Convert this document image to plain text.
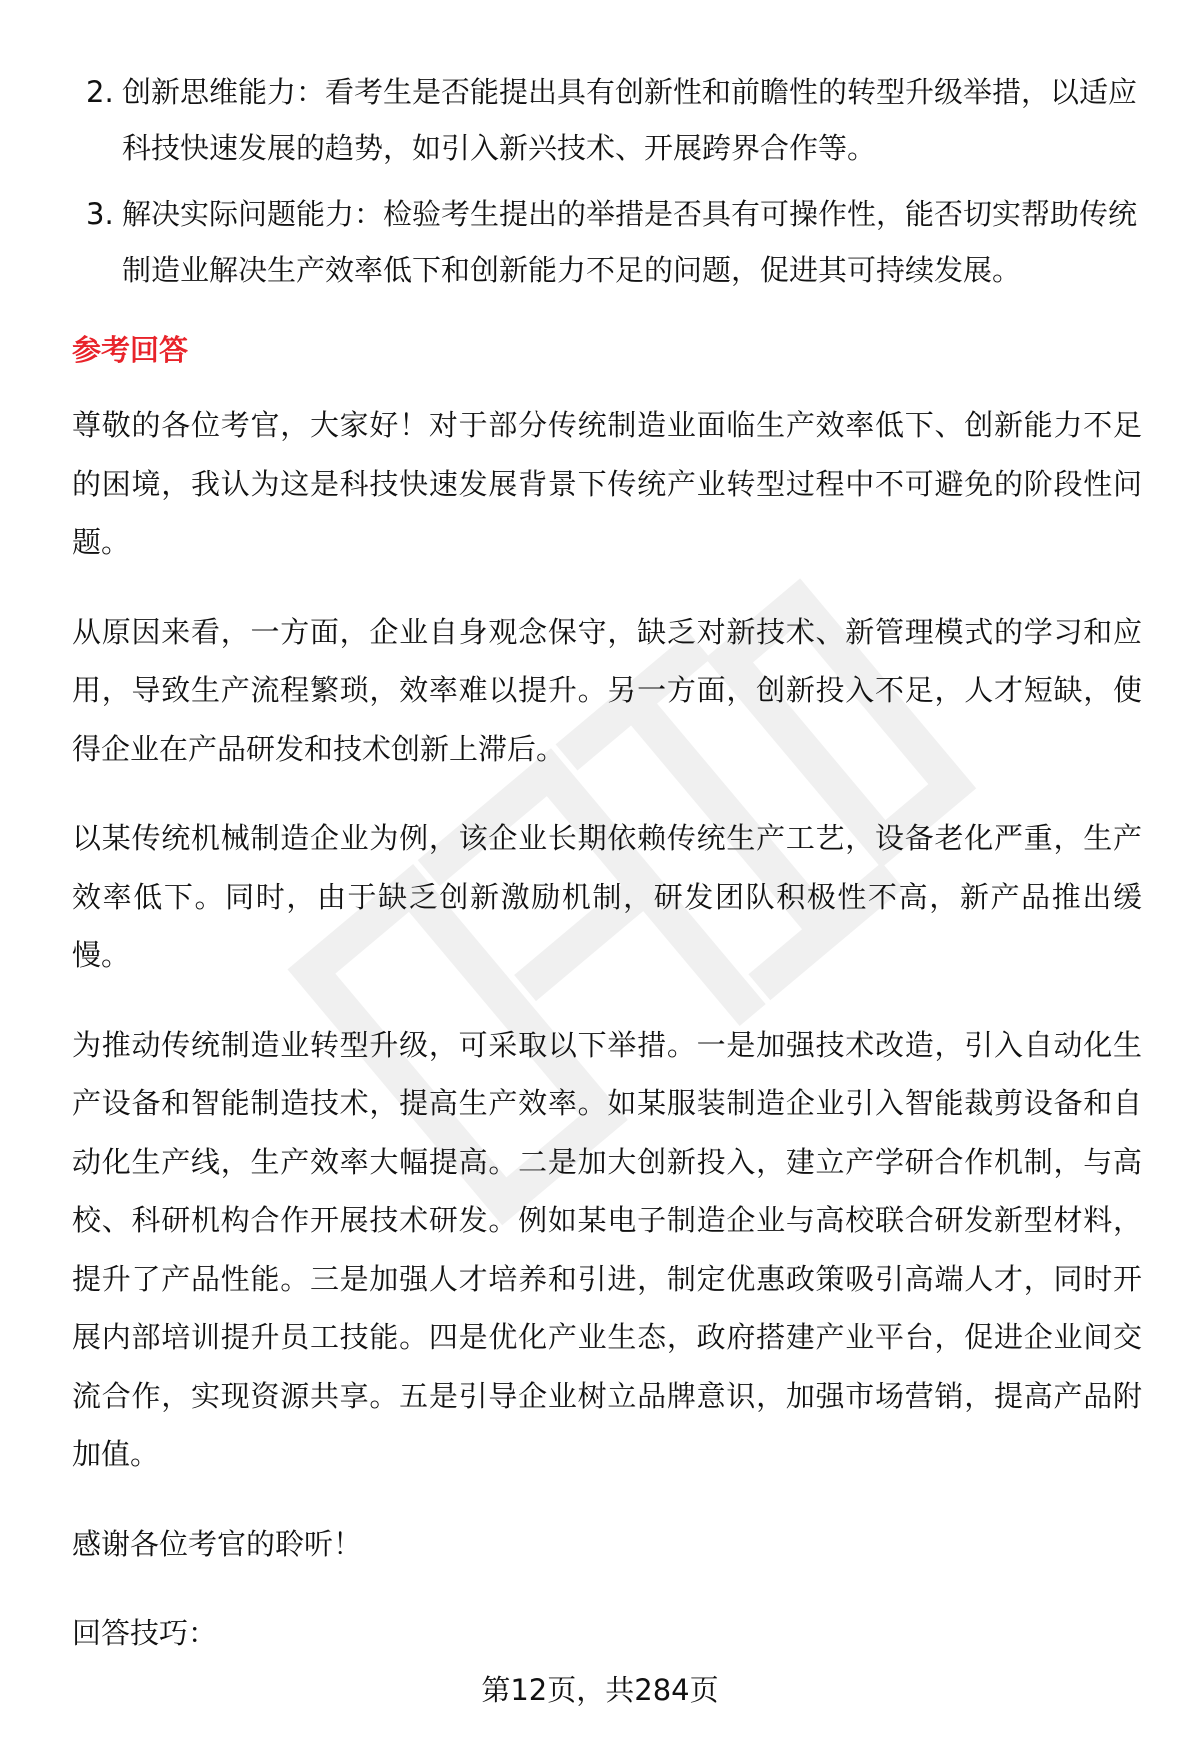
2. 创新思维能力：看考生是否能提出具有创新性和前瞻性的转型升级举措，以适应科技快速发展的趋势，如引入新兴技术、开展跨界合作等。
3. 解决实际问题能力：检验考生提出的举措是否具有可操作性，能否切实帮助传统制造业解决生产效率低下和创新能力不足的问题，促进其可持续发展。
参考回答

尊敬的各位考官，大家好！对于部分传统制造业面临生产效率低下、创新能力不足的困境，我认为这是科技快速发展背景下传统产业转型过程中不可避免的阶段性问题。

从原因来看，一方面，企业自身观念保守，缺乏对新技术、新管理模式的学习和应用，导致生产流程繁琐，效率难以提升。另一方面，创新投入不足，人才短缺，使得企业在产品研发和技术创新上滞后。

以某传统机械制造企业为例，该企业长期依赖传统生产工艺，设备老化严重，生产效率低下。同时，由于缺乏创新激励机制，研发团队积极性不高，新产品推出缓慢。

为推动传统制造业转型升级，可采取以下举措。一是加强技术改造，引入自动化生产设备和智能制造技术，提高生产效率。如某服装制造企业引入智能裁剪设备和自动化生产线，生产效率大幅提高。二是加大创新投入，建立产学研合作机制，与高校、科研机构合作开展技术研发。例如某电子制造企业与高校联合研发新型材料，提升了产品性能。三是加强人才培养和引进，制定优惠政策吸引高端人才，同时开展内部培训提升员工技能。四是优化产业生态，政府搭建产业平台，促进企业间交流合作，实现资源共享。五是引导企业树立品牌意识，加强市场营销，提高产品附加值。

感谢各位考官的聆听！

回答技巧：

第12页，共284页
